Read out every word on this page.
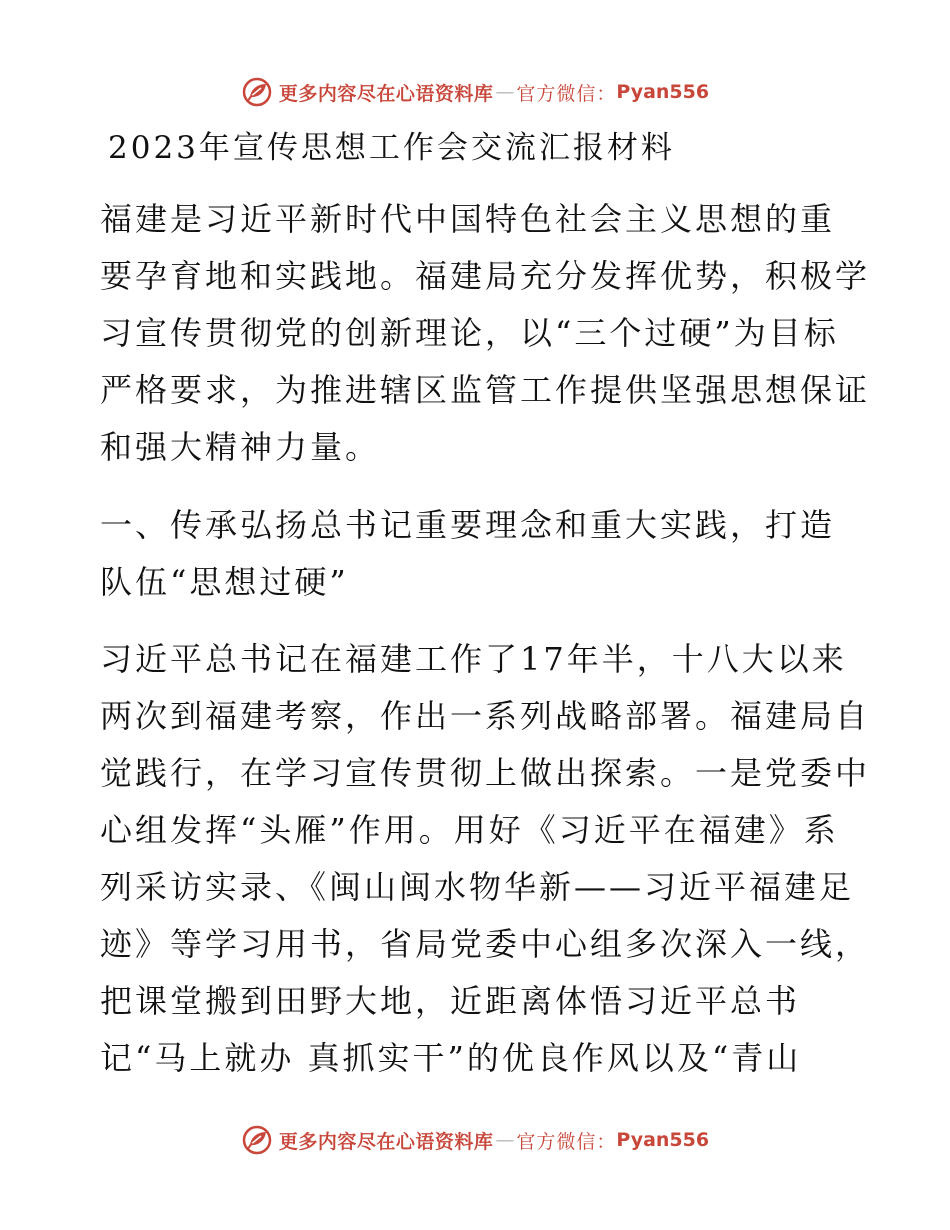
更多内容尽在心语资料库 — 官方微信： Pyan556
2023年宣传思想工作会交流汇报材料

福建是习近平新时代中国特色社会主义思想的重
要孕育地和实践地。福建局充分发挥优势，积极学
习宣传贯彻党的创新理论，以“三个过硬”为目标
严格要求，为推进辖区监管工作提供坚强思想保证
和强大精神力量。

一、传承弘扬总书记重要理念和重大实践，打造
队伍“思想过硬”

习近平总书记在福建工作了17年半，十八大以来
两次到福建考察，作出一系列战略部署。福建局自
觉践行，在学习宣传贯彻上做出探索。一是党委中
心组发挥“头雁”作用。用好《习近平在福建》系
列采访实录、《闽山闽水物华新——习近平福建足
迹》等学习用书，省局党委中心组多次深入一线，
把课堂搬到田野大地，近距离体悟习近平总书
记“马上就办 真抓实干”的优良作风以及“青山

更多内容尽在心语资料库 — 官方微信： Pyan556
